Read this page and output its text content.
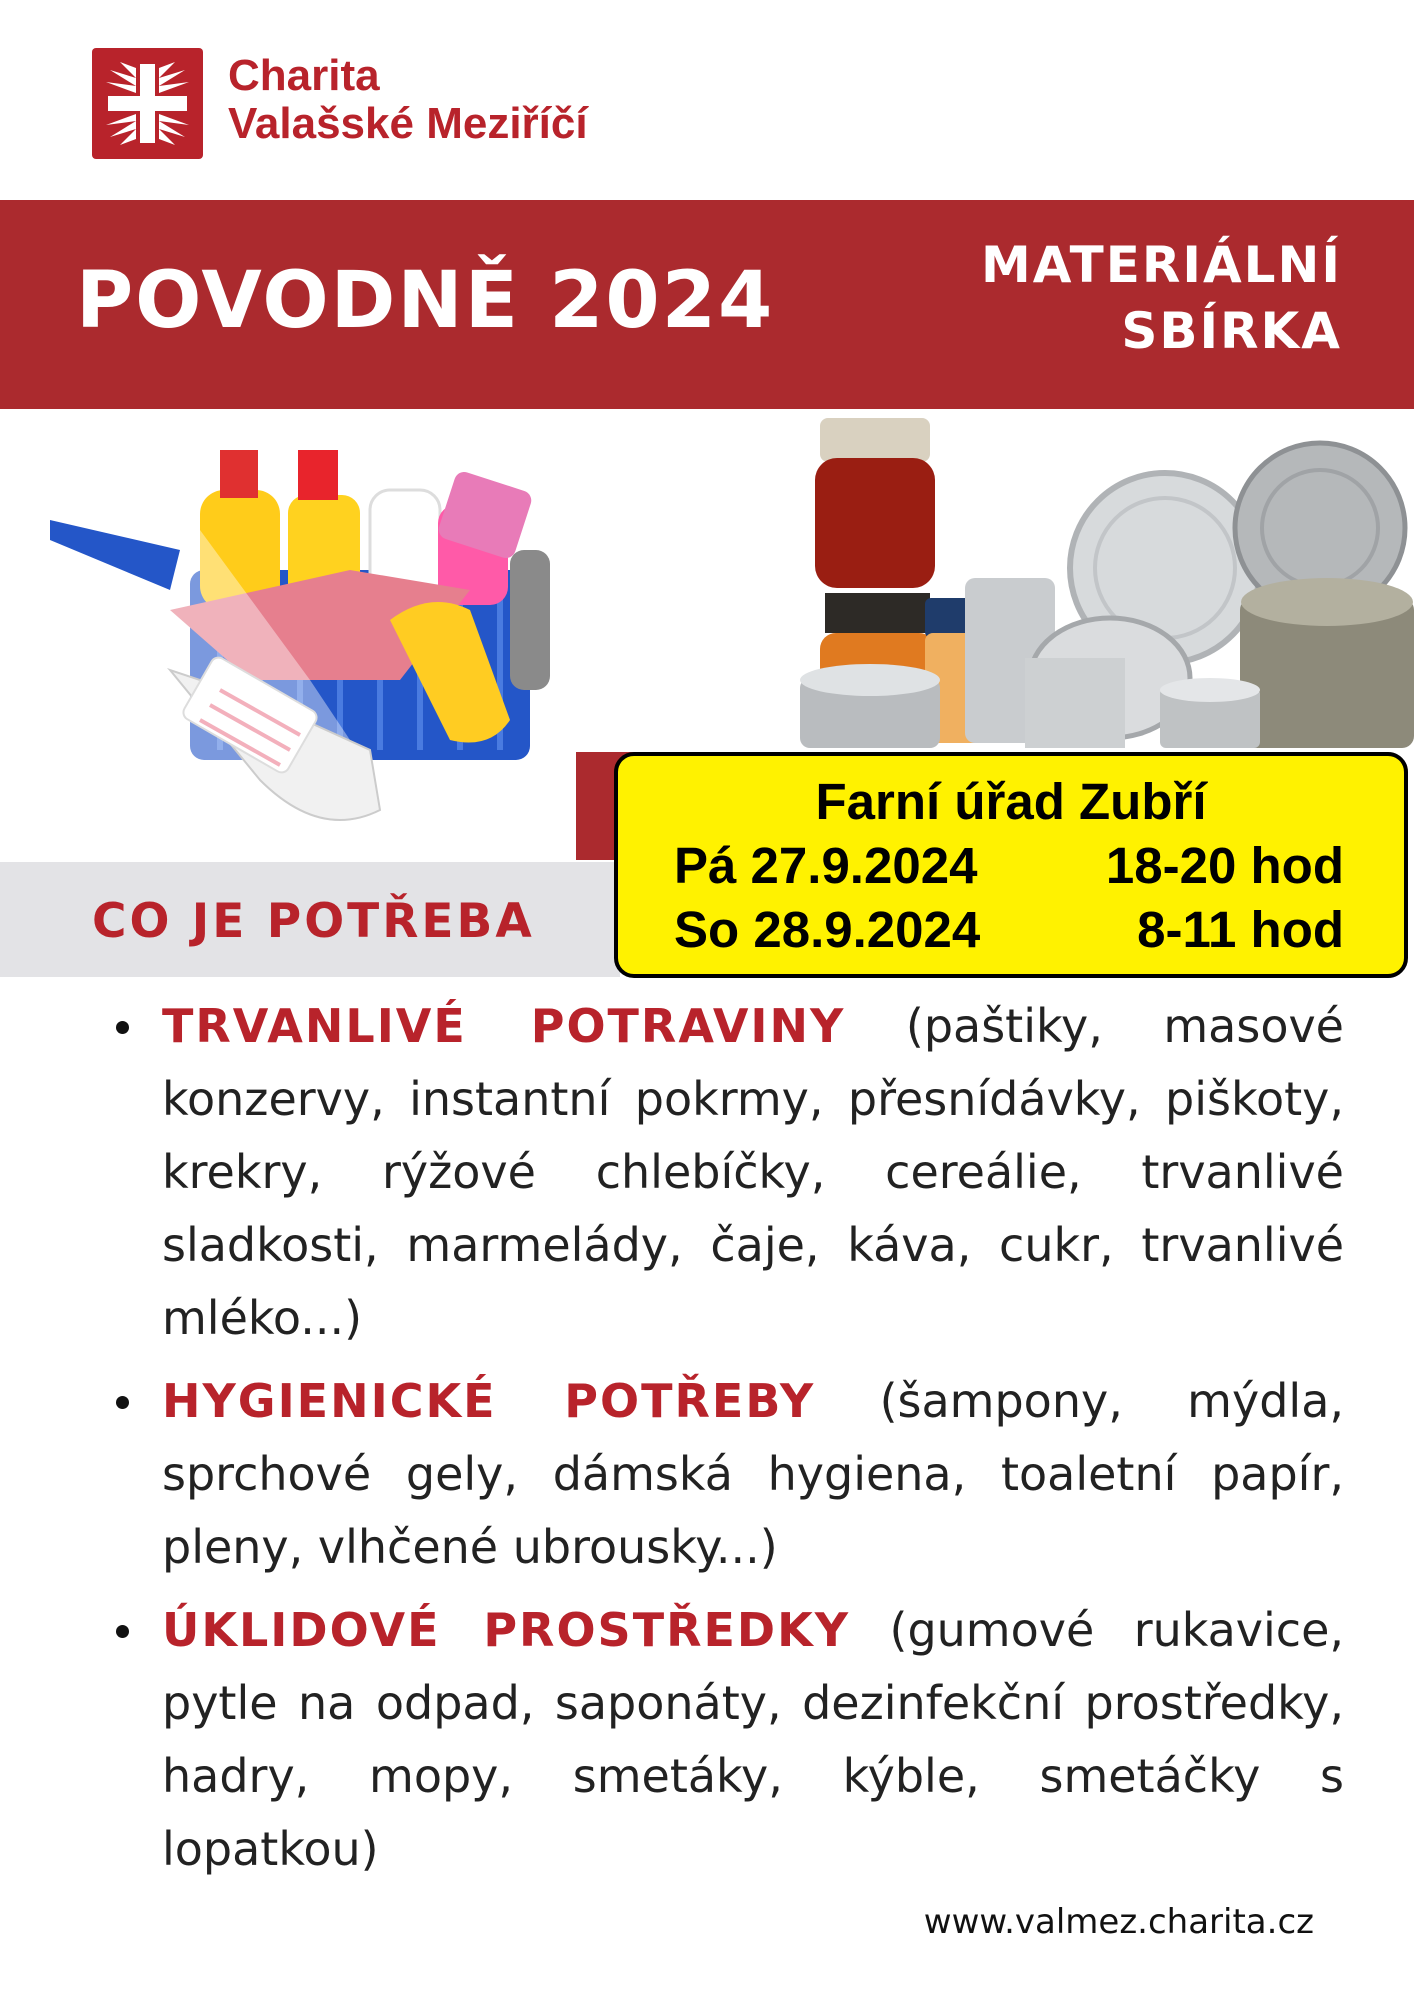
Charita
Valašské Meziříčí
POVODNĚ 2024	MATERIÁLNÍ
SBÍRKA
CO JE POTŘEBA
Farní úřad Zubří
Pá 27.9.2024	18-20 hod
So 28.9.2024	8-11 hod
TRVANLIVÉ POTRAVINY (paštiky, masové konzervy, instantní pokrmy, přesnídávky, piškoty, krekry, rýžové chlebíčky, cereálie, trvanlivé sladkosti, marmelády, čaje, káva, cukr, trvanlivé mléko...)
HYGIENICKÉ POTŘEBY (šampony, mýdla, sprchové gely, dámská hygiena, toaletní papír, pleny, vlhčené ubrousky...)
ÚKLIDOVÉ PROSTŘEDKY (gumové rukavice, pytle na odpad, saponáty, dezinfekční prostředky, hadry, mopy, smetáky, kýble, smetáčky s lopatkou)
www.valmez.charita.cz
